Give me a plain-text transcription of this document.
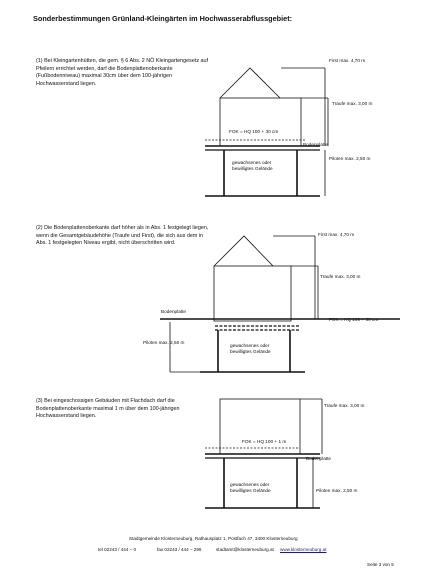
Sonderbestimmungen Grünland-Kleingärten im Hochwasserabflussgebiet:
(1) Bei Kleingartenhütten, die gem. § 6 Abs. 2 NÖ Kleingartengesetz auf Pfeilern errichtet werden, darf die Bodenplattenoberkante (Fußbodenniveau) maximal 30cm über dem 100-jährigen Hochwasserstand liegen.
First max. 4,70 m
Traufe max. 3,00 m
FOK = HQ 100 + 30 cm
Bodenplatte
gewachsenes oder
bewilligtes Gelände
Piloten max. 2,50 m
(2) Die Bodenplattenoberkante darf höher als in Abs. 1 festgelegt liegen, wenn die Gesamtgebäudehöhe (Traufe und First), die sich aus dem in Abs. 1 festgelegten Niveau ergibt, nicht überschritten wird.
First max. 4,70 m
Traufe max. 3,00 m
FOK = HQ 100 + 30 cm
Bodenplatte
gewachsenes oder
bewilligtes Gelände
Piloten max. 2,50 m
(3) Bei eingeschossigen Gebäuden mit Flachdach darf die Bodenplattenoberkante maximal 1 m über dem 100-jährigen Hochwasserstand liegen.
Traufe max. 3,00 m
FOK = HQ 100 + 1 m
Bodenplatte
gewachsenes oder
bewilligtes Gelände	Piloten max. 2,50 m
Stadtgemeinde Klosterneuburg, Rathausplatz 1, Postfach 47, 3400 Klosterneuburg
tel 02243 / 444 – 0	fax 02243 / 444 – 296	stadtamt@klosterneuburg.at www.klosterneuburg.at
Seite 3 von 5
